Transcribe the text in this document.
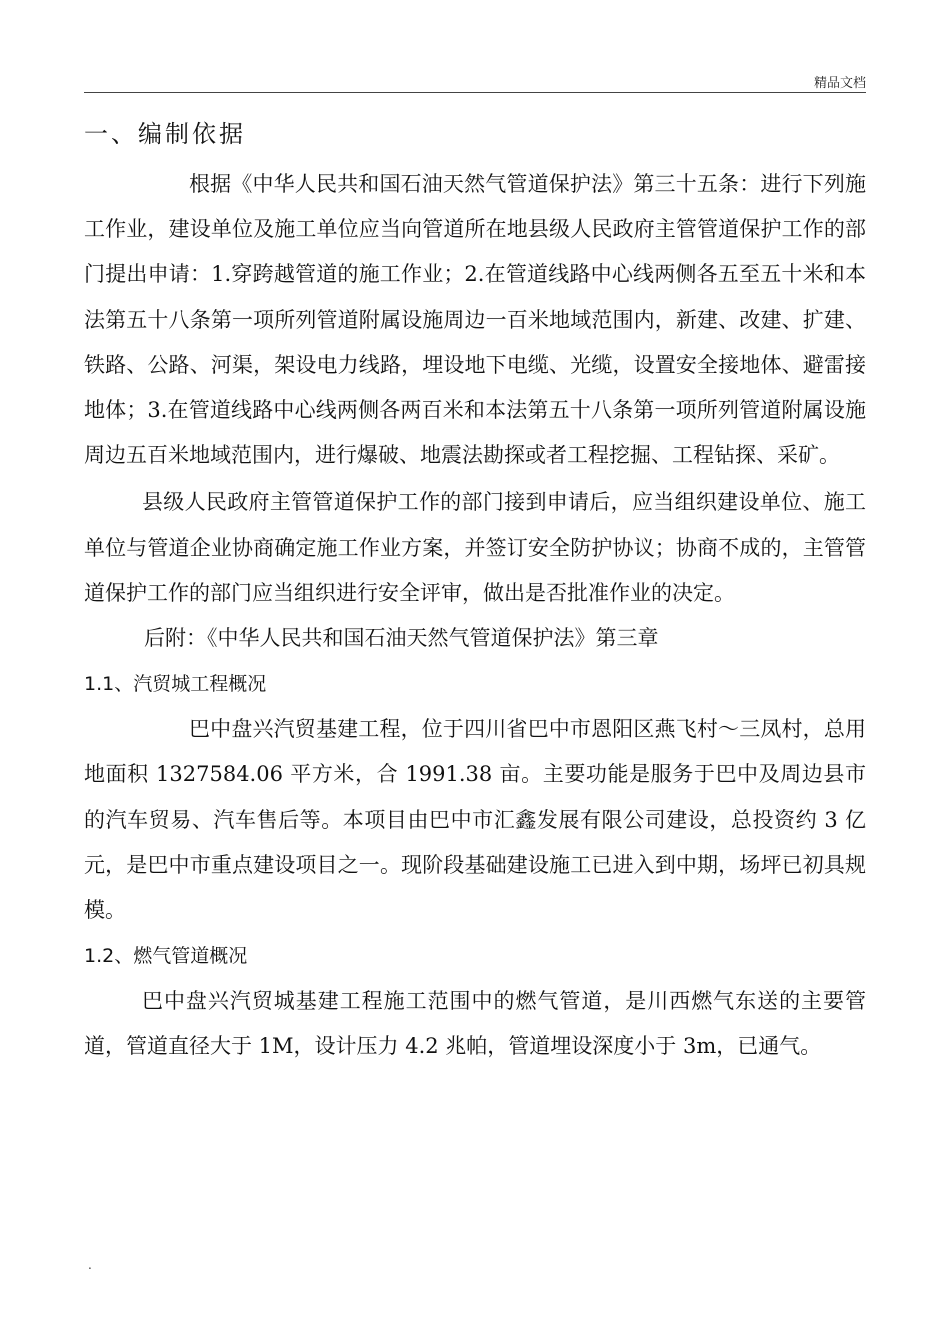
精品文档
一、编制依据

根据《中华人民共和国石油天然气管道保护法》第三十五条：进行下列施工作业，建设单位及施工单位应当向管道所在地县级人民政府主管管道保护工作的部门提出申请：1.穿跨越管道的施工作业；2.在管道线路中心线两侧各五至五十米和本法第五十八条第一项所列管道附属设施周边一百米地域范围内，新建、改建、扩建、铁路、公路、河渠，架设电力线路，埋设地下电缆、光缆，设置安全接地体、避雷接地体；3.在管道线路中心线两侧各两百米和本法第五十八条第一项所列管道附属设施周边五百米地域范围内，进行爆破、地震法勘探或者工程挖掘、工程钻探、采矿。

县级人民政府主管管道保护工作的部门接到申请后，应当组织建设单位、施工单位与管道企业协商确定施工作业方案，并签订安全防护协议；协商不成的，主管管道保护工作的部门应当组织进行安全评审，做出是否批准作业的决定。

后附：《中华人民共和国石油天然气管道保护法》第三章

1.1、汽贸城工程概况

巴中盘兴汽贸基建工程，位于四川省巴中市恩阳区燕飞村～三凤村，总用地面积 1327584.06 平方米，合 1991.38 亩。主要功能是服务于巴中及周边县市的汽车贸易、汽车售后等。本项目由巴中市汇鑫发展有限公司建设，总投资约 3 亿元，是巴中市重点建设项目之一。现阶段基础建设施工已进入到中期，场坪已初具规模。

1.2、燃气管道概况

巴中盘兴汽贸城基建工程施工范围中的燃气管道，是川西燃气东送的主要管道，管道直径大于 1M，设计压力 4.2 兆帕，管道埋设深度小于 3m，已通气。

.
